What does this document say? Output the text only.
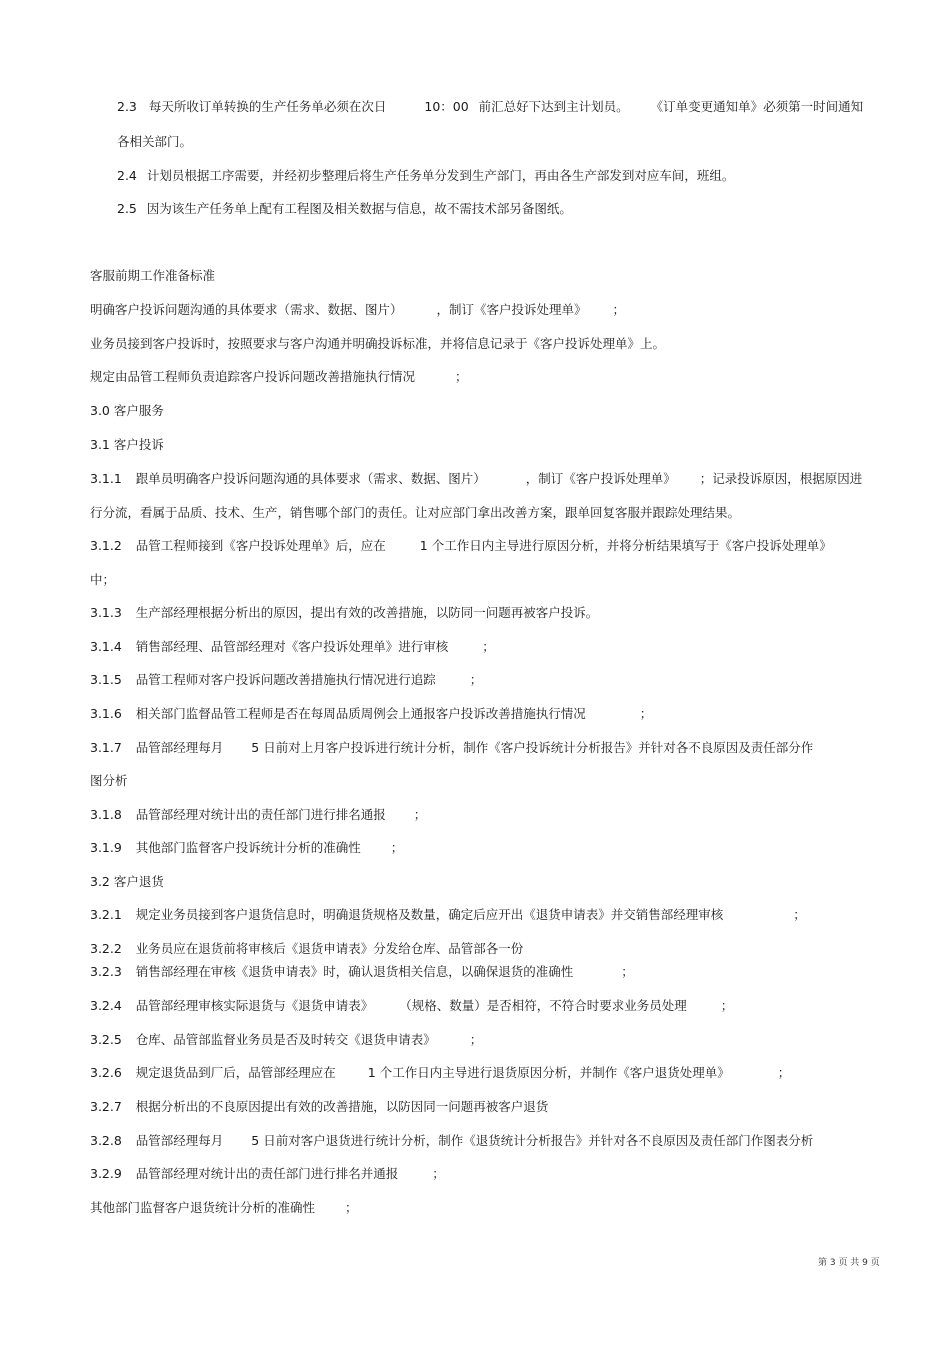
2.3 每天所收订单转换的生产任务单必须在次日	10：00 前汇总好下达到主计划员。 《订单变更通知单》必须第一时间通知
各相关部门。
2.4 计划员根据工序需要，并经初步整理后将生产任务单分发到生产部门，再由各生产部发到对应车间，班组。
2.5 因为该生产任务单上配有工程图及相关数据与信息，故不需技术部另备图纸。
客服前期工作准备标准
明确客户投诉问题沟通的具体要求（需求、数据、图片）	，制订《客户投诉处理单》 ；
业务员接到客户投诉时，按照要求与客户沟通并明确投诉标准，并将信息记录于《客户投诉处理单》上。
规定由品管工程师负责追踪客户投诉问题改善措施执行情况	；
3.0 客户服务
3.1 客户投诉
3.1.1 跟单员明确客户投诉问题沟通的具体要求（需求、数据、图片）	，制订《客户投诉处理单》 ；记录投诉原因，根据原因进
行分流，看属于品质、技术、生产，销售哪个部门的责任。让对应部门拿出改善方案，跟单回复客服并跟踪处理结果。
3.1.2 品管工程师接到《客户投诉处理单》后，应在	1 个工作日内主导进行原因分析，并将分析结果填写于《客户投诉处理单》
中；
3.1.3 生产部经理根据分析出的原因，提出有效的改善措施，以防同一问题再被客户投诉。
3.1.4 销售部经理、品管部经理对《客户投诉处理单》进行审核	；
3.1.5 品管工程师对客户投诉问题改善措施执行情况进行追踪	；
3.1.6 相关部门监督品管工程师是否在每周品质周例会上通报客户投诉改善措施执行情况	；
3.1.7 品管部经理每月 5 日前对上月客户投诉进行统计分析，制作《客户投诉统计分析报告》并针对各不良原因及责任部分作
图分析
3.1.8 品管部经理对统计出的责任部门进行排名通报 ；
3.1.9 其他部门监督客户投诉统计分析的准确性 ；
3.2 客户退货
3.2.1 规定业务员接到客户退货信息时，明确退货规格及数量，确定后应开出《退货申请表》并交销售部经理审核	；
3.2.2 业务员应在退货前将审核后《退货申请表》分发给仓库、品管部各一份
3.2.3 销售部经理在审核《退货申请表》时，确认退货相关信息，以确保退货的准确性	；
3.2.4 品管部经理审核实际退货与《退货申请表》 （规格、数量）是否相符，不符合时要求业务员处理	；
3.2.5 仓库、品管部监督业务员是否及时转交《退货申请表》	；
3.2.6 规定退货品到厂后，品管部经理应在	1 个工作日内主导进行退货原因分析，并制作《客户退货处理单》	；
3.2.7 根据分析出的不良原因提出有效的改善措施，以防因同一问题再被客户退货
3.2.8 品管部经理每月 5 日前对客户退货进行统计分析，制作《退货统计分析报告》并针对各不良原因及责任部门作图表分析
3.2.9 品管部经理对统计出的责任部门进行排名并通报	；
其他部门监督客户退货统计分析的准确性 ；
第 3 页 共 9 页
